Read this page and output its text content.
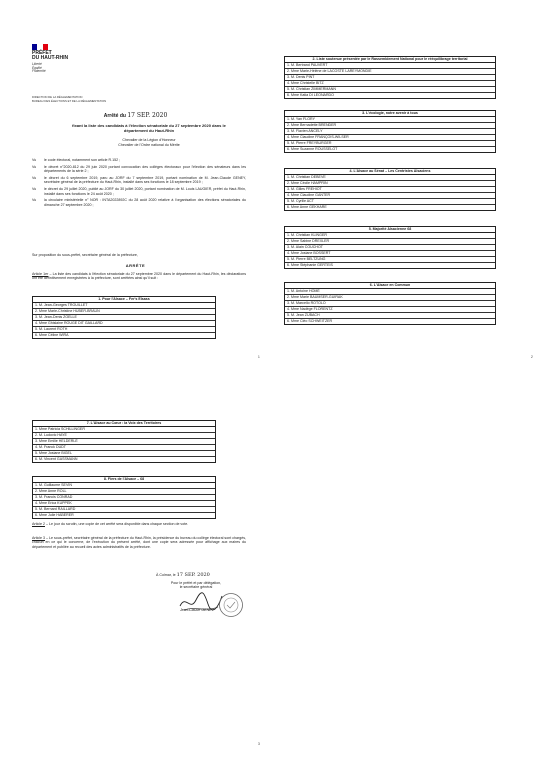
PRÉFET
DU HAUT-RHIN
Liberté
Égalité
Fraternité
DIRECTION DE LA RÉGLEMENTATION
BUREAU DES ÉLECTIONS ET DE LA RÉGLEMENTATION
Arrêté du 17 SEP. 2020
fixant la liste des candidats à l'élection sénatoriale du 27 septembre 2020 dans le département du Haut-Rhin
Chevalier de la Légion d'Honneur
Chevalier de l'Ordre national du Mérite
Vu	le code électoral, notamment son article R.152 ;
Vu	le décret n°2020-812 du 29 juin 2020 portant convocation des collèges électoraux pour l'élection des sénateurs dans les départements de la série 2 ;
Vu	le décret du 6 septembre 2019, paru au JORF du 7 septembre 2019, portant nomination de M. Jean-Claude GENEY, secrétaire général de la préfecture du Haut-Rhin, installé dans ses fonctions le 18 septembre 2019 ;
Vu	le décret du 29 juillet 2020, publié au JORF du 30 juillet 2020, portant nomination de M. Louis LAUGIER, préfet du Haut-Rhin, installé dans ses fonctions le 24 août 2020 ;
Vu	la circulaire ministérielle n° NOR : INTA2022892C du 28 août 2020 relative à l'organisation des élections sénatoriales du dimanche 27 septembre 2020 ;
Sur proposition du sous-préfet, secrétaire général de la préfecture,
ARRÊTE
Article 1er – La liste des candidats à l'élection sénatoriale du 27 septembre 2020 dans le département du Haut-Rhin, les déclarations ont été définitivement enregistrées à la préfecture, sont arrêtées ainsi qu'il suit :
1. Pour l'Alsace – Fer's Elsass
1. M. Jean-Georges TROUILLET
2. Mme Marie-Christine HUBER-BRAUN
3. M. Jean-Denis ZOELLE
4. Mme Ghislaine ROUGE DIT GAILLARD
5. M. Laurent ROTH
6. Mme Céline WIRA
2. Liste soutenue présentée par le Rassemblement National pour le rééquilibrage territorial
1. M. Bertrand PAUVERT
2. Mme Marie-Hélène de LACOSTE LAREYMONDIE
3. M. Denis PINT
4. Mme Christelle BITZ
5. M. Christian ZIMMERMANN
6. Mme Katia DI LEONARDO
3. L'écologie, notre avenir à tous
1. M. Yan FLORY
2. Mme Bernadette BRENDER
3. M. Flavien ANCELY
4. Mme Claudine FRANÇOIS-WILSER
5. M. Pierre FREYBURGER
6. Mme Suzanne ROUSSELOT
4. L'Alsace au Sénat – Les Centristes Alsaciens
1. M. Christian DEBEVE
2. Mme Cécile HAMPRIN
3. M. Gilles FREHIOT
4. Mme Claudine GANTER
5. M. Cyrille ACT
6. Mme Anne GEKHARE
5. Majorité Alsacienne 68
1. M. Christian KLINGER
2. Mme Sabine DREXLER
3. M. Alain COUCHOT
4. Mme Josiane BOSSERT
5. M. Pierre BELTZUNG
6. Mme Stéphanie GERTEIS
6. L'Alsace en Commun
1. M. Antoine HOMÉ
2. Mme Marie BAUMSER-GUIRAK
3. M. Marcello ROTOLO
4. Mme Nadège FLORENTZ
5. M. Jean ZUBACH
6. Mme Cléo SCHWEITZER
1	2
7. L'Alsace au Cœur : la Voix des Territoires
1. Mme Patricia SCHILLINGER
2. M. Ludovic HAYE
3. Mme Emilie HELDERLÉ
4. M. Franck DUDT
5. Mme Josiane BIGEL
6. M. Vincent GASSMANN
8. Fiers de l'Alsace – 68
1. M. Guillaume SEVIN
2. Mme Anne ROLL
3. M. Francis CONRAD
4. Mme Erica KUPPEK
5. M. Bernard RAILLARD
6. Mme Julie HABERER
Article 2 – Le jour du scrutin, une copie de cet arrêté sera disponible dans chaque section de vote.
Article 3 – Le sous-préfet, secrétaire général de la préfecture du Haut-Rhin, la présidence du bureau du collège électoral sont chargés, chacun en ce qui le concerne, de l'exécution du présent arrêté, dont une copie sera adressée pour affichage aux maires du département et publiée au recueil des actes administratifs de la préfecture.
À Colmar, le 17 SEP. 2020
Pour le préfet et par délégation,
le secrétaire général
Jean-Claude GENEY
3
